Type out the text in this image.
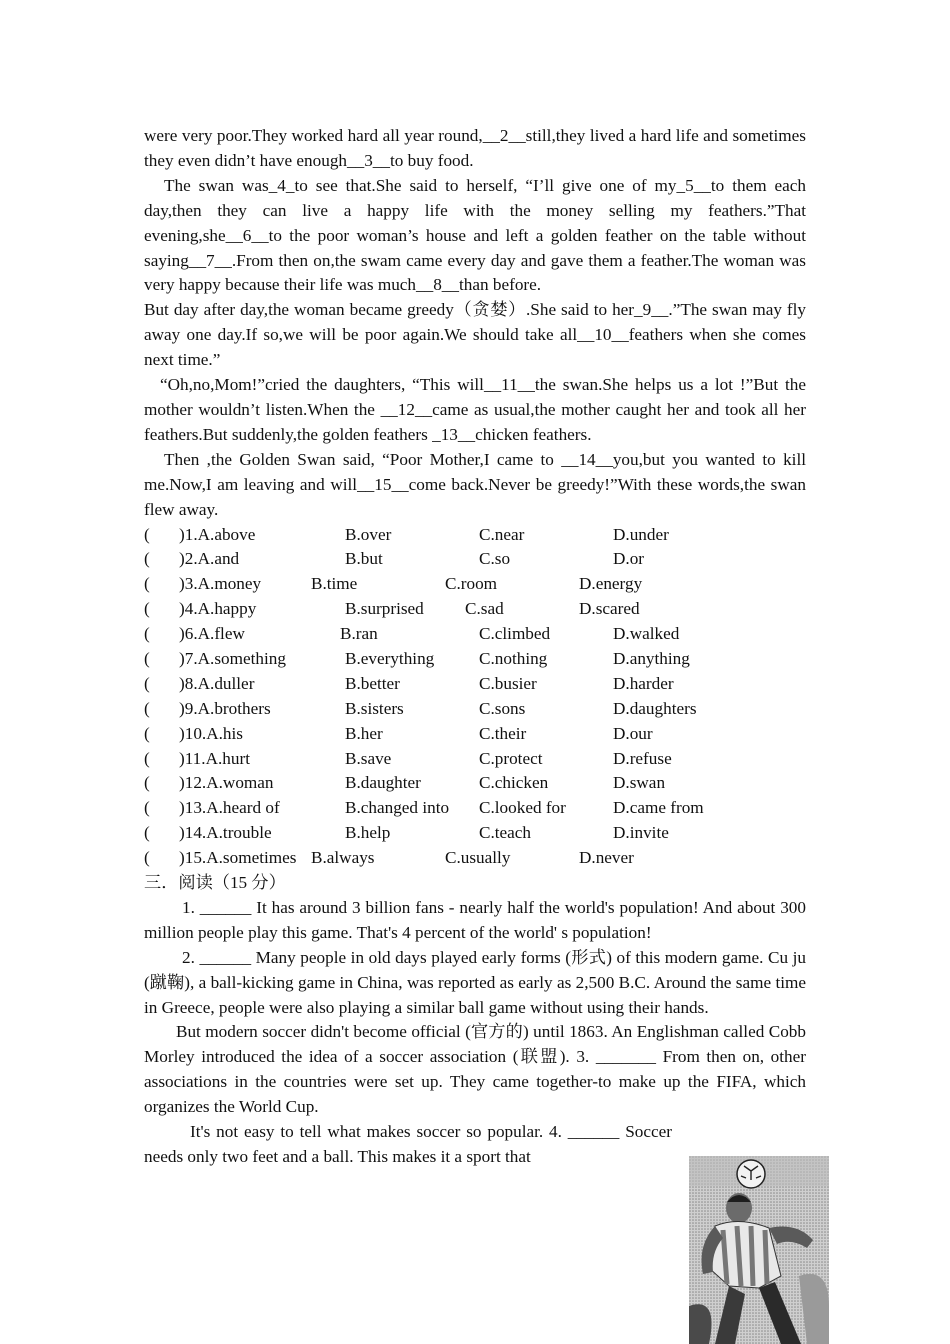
were very poor.They worked hard all year round,__2__still,they lived a hard life and sometimes they even didn’t have enough__3__to buy food.

The swan was_4_to see that.She said to herself, “I’ll give one of my_5__to them each day,then they can live a happy life with the money selling my feathers.”That evening,she__6__to the poor woman’s house and left a golden feather on the table without saying__7__.From then on,the swam came every day and gave them a feather.The woman was very happy because their life was much__8__than before.

But day after day,the woman became greedy（贪婪）.She said to her_9__.”The swan may fly away one day.If so,we will be poor again.We should take all__10__feathers when she comes next time.”

“Oh,no,Mom!”cried the daughters, “This will__11__the swan.She helps us a lot !”But the mother wouldn’t listen.When the __12__came as usual,the mother caught her and took all her feathers.But suddenly,the golden feathers _13__chicken feathers.

Then ,the Golden Swan said, “Poor Mother,I came to __14__you,but you wanted to kill me.Now,I am leaving and will__15__come back.Never be greedy!”With these words,the swan flew away.

( )1.A.above	B.over	C.near	D.under
( )2.A.and	B.but	C.so	D.or
( )3.A.money	B.time	C.room	D.energy
( )4.A.happy	B.surprised C.sad	D.scared
( )6.A.flew	B.ran	C.climbed	D.walked
( )7.A.something	B.everything	C.nothing	D.anything
( )8.A.duller	B.better	C.busier	D.harder
( )9.A.brothers	B.sisters	C.sons	D.daughters
( )10.A.his	B.her	C.their	D.our
( )11.A.hurt	B.save	C.protect	D.refuse
( )12.A.woman	B.daughter	C.chicken	D.swan
( )13.A.heard of	B.changed into C.looked for	D.came from
( )14.A.trouble	B.help	C.teach	D.invite
( )15.A.sometimes B.always	C.usually	D.never

三．阅读（15 分）

1. ______ It has around 3 billion fans - nearly half the world's population! And about 300 million people play this game. That's 4 percent of the world' s population!

2. ______ Many people in old days played early forms (形式) of this modern game. Cu ju (蹴鞠), a ball-kicking game in China, was reported as early as 2,500 B.C. Around the same time in Greece, people were also playing a similar ball game without using their hands.

But modern soccer didn't become official (官方的) until 1863. An Englishman called Cobb Morley introduced the idea of a soccer association (联盟). 3. _______ From then on, other associations in the countries were set up. They came together-to make up the FIFA, which organizes the World Cup.

It's not easy to tell what makes soccer so popular. 4. ______ Soccer needs only two feet and a ball. This makes it a sport that
